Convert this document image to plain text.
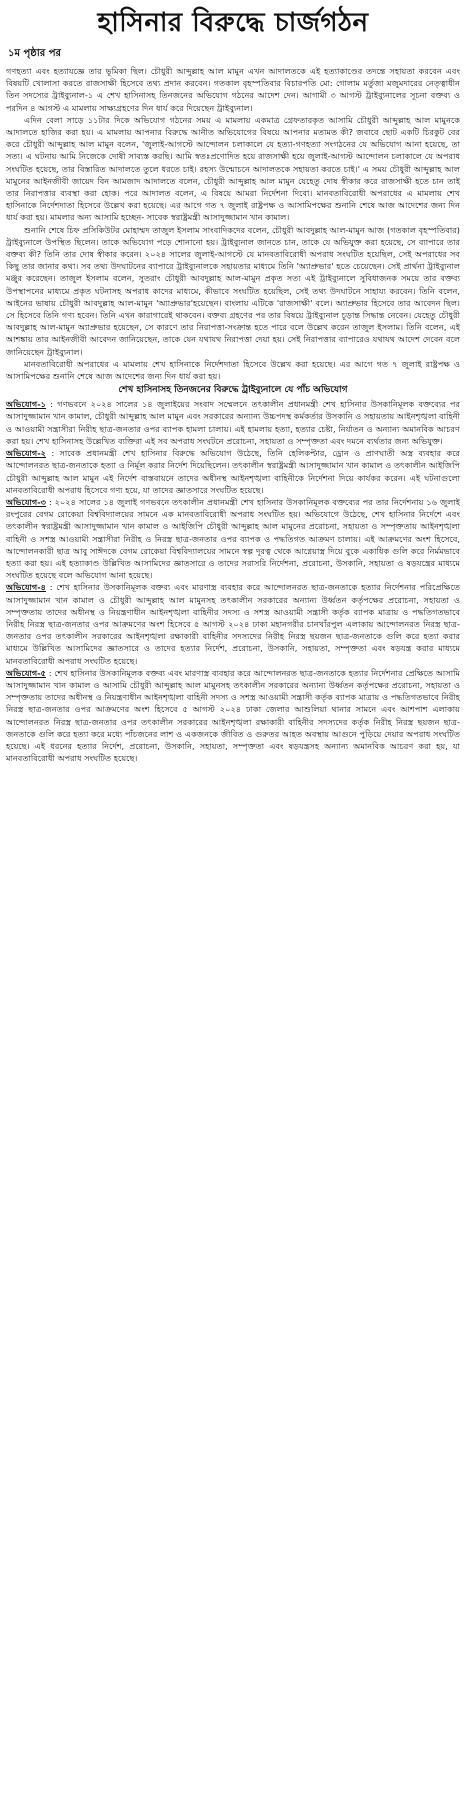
হাসিনার বিরুদ্ধে চার্জগঠন
১ম পৃষ্ঠার পর

গণহত্যা এবং হত্যাযজ্ঞে তার ভূমিকা ছিল। চৌধুরী আব্দুল্লাহ আল মামুন এখন আদালতকে এই হত্যাকাণ্ডের তদন্তে সহায়তা করবেন এবং বিষয়টি খোলাসা করতে রাজসাক্ষী হিসেবে তথ্য প্রদান করবেন। গতকাল বৃহস্পতিবার বিচারপতি মো: গোলাম মর্তুজা মজুমদারের নেতৃত্বাধীন তিন সদস্যের ট্রাইব্যুনাল-১ এ শেখ হাসিনাসহ তিনজনের অভিযোগ গঠনের আদেশ দেন। আগামী ৩ আগস্ট ট্রাইব্যুনালের সূচনা বক্তব্য ও পরদিন ৪ আগস্ট এ মামলায় সাক্ষ্যগ্রহণের দিন ধার্য করে দিয়েছেন ট্রাইব্যুনাল।

এদিন বেলা সাড়ে ১১টার দিকে অভিযোগ গঠনের সময় এ মামলায় একমাত্র গ্রেফতারকৃত আসামি চৌধুরী আব্দুল্লাহ আল মামুনকে আদালতে হাজির করা হয়। এ মামলায় আপনার বিরুদ্ধে আনীত অভিযোগের বিষয়ে আপনার মতামত কী? জবাবে ছোট একটি চিরকুট বের করে চৌধুরী আব্দুল্লাহ আল মামুন বলেন, 'জুলাই-আগস্টে আন্দোলন চলাকালে যে হত্যা-গণহত্যা সংগঠনের যে অভিযোগ আনা হয়েছে, তা সত্য। এ ঘটনায় আমি নিজেকে দোষী সাব্যস্ত করছি। আমি স্বতঃপ্রণোদিত হয়ে রাজসাক্ষী হয়ে জুলাই-আগস্ট আন্দোলন চলাকালে যে অপরাধ সংঘটিত হয়েছে, তার বিস্তারিত আদালতে তুলে ধরতে চাই। রহস্য উন্মোচনে আদালতকে সহায়তা করতে চাই।' এ সময় চৌধুরী আব্দুল্লাহ আল মামুনের আইনজীবী জায়েদ বিন আমজাদ আদালতে বলেন, চৌধুরী আব্দুল্লাহ আল মামুন যেহেতু দোষ স্বীকার করে রাজসাক্ষী হতে চান তাই তার নিরাপত্তার ব্যবস্থা করা হোক। পরে আদালত বলেন, এ বিষয়ে আমরা নির্দেশনা দিবো। মানবতাবিরোধী অপরাধের এ মামলায় শেখ হাসিনাকে নির্দেশদাতা হিসেবে উল্লেখ করা হয়েছে। এর আগে গত ৭ জুলাই রাষ্ট্রপক্ষ ও আসামিপক্ষের শুনানি শেষে আজ আদেশের জন্য দিন ধার্য করা হয়। মামলার অন্য আসামি হচ্ছেন- সাবেক স্বরাষ্ট্রমন্ত্রী আসাদুজ্জামান খান কামাল।

শুনানি শেষে চিফ প্রসিকিউটর মোহাম্মদ তাজুল ইসলাম সাংবাদিকদের বলেন, চৌধুরী আবদুল্লাহ আল-মামুন আজ (গতকাল বৃহস্পতিবার) ট্রাইব্যুনালে উপস্থিত ছিলেন। তাকে অভিযোগ পড়ে শোনানো হয়। ট্রাইব্যুনাল জানতে চান, তাকে যে অভিযুক্ত করা হয়েছে, সে ব্যাপারে তার বক্তব্য কী? তিনি তার দোষ স্বীকার করেন। ২০২৪ সালের জুলাই-আগস্টে যে মানবতাবিরোধী অপরাধ সংঘটিত হয়েছিল, সেই অপরাধের সব কিছু তার জানার কথা। সব তথ্য উদঘাটনের ব্যাপারে ট্রাইব্যুনালকে সহায়তার মাধ্যমে তিনি 'অ্যাপ্রুভার' হতে চেয়েছেন। সেই প্রার্থনা ট্রাইব্যুনাল মঞ্জুর করেছেন। তাজুল ইসলাম বলেন, সুতরাং চৌধুরী আবদুল্লাহ আল-মামুন প্রকৃত সত্য এই ট্রাইব্যুনালে সুবিধাজনক সময়ে তার বক্তব্য উপস্থাপনের মাধ্যমে প্রকৃত ঘটনাসহ অপরাধ কাদের মাধ্যমে, কীভাবে সংঘটিত হয়েছিল, সেই তথ্য উদঘাটনে সাহায্য করবেন। তিনি বলেন, আইনের ভাষায় চৌধুরী আবদুল্লাহ আল-মামুন 'অ্যাপ্রুভার'হয়েছেন। বাংলায় এটিকে 'রাজসাক্ষী' বলে। অ্যাপ্রুভার হিসেবে তার আবেদন ছিল। সে হিসেবে তিনি গণ্য হবেন। তিনি এখন কারাগারেই থাকবেন। বক্তব্য গ্রহণের পর তার বিষয়ে ট্রাইব্যুনাল চূড়ান্ত সিদ্ধান্ত নেবেন। যেহেতু চৌধুরী আবদুল্লাহ আল-মামুন অ্যাপ্রুভার হয়েছেন, সে কারণে তার নিরাপত্তা-সংক্রান্ত হতে পারে বলে উল্লেখ করেন তাজুল ইসলাম। তিনি বলেন, এই আশঙ্কায় তার আইনজীবী আবেদন জানিয়েছেন, তাকে যেন যথাযথ নিরাপত্তা দেয়া হয়। সেই নিরাপত্তার ব্যাপারেও যথাযথ আদেশ দেবেন বলে জানিয়েছেন ট্রাইব্যুনাল।

মানবতাবিরোধী অপরাধের এ মামলায় শেখ হাসিনাকে নির্দেশদাতা হিসেবে উল্লেখ করা হয়েছে। এর আগে গত ৭ জুলাই রাষ্ট্রপক্ষ ও আসামিপক্ষের শুনানি শেষে আজ আদেশের জন্য দিন ধার্য করা হয়।

শেখ হাসিনাসহ তিনজনের বিরুদ্ধে ট্রাইব্যুনালে যে পাঁচ অভিযোগ

অভিযোগ-১ : গণভবনে ২০২৪ সালের ১৪ জুলাইয়ের সংবাদ সম্মেলনে তৎকালীন প্রধানমন্ত্রী শেখ হাসিনার উসকানিমূলক বক্তব্যের পর আসাদুজ্জামান খান কামাল, চৌধুরী আব্দুল্লাহ আল মামুন এবং সরকারের অন্যান্য উচ্চপদস্থ কর্মকর্তার উসকানি ও সহায়তায় আইনশৃঙ্খলা বাহিনী ও আওয়ামী সন্ত্রাসীরা নিরীহ ছাত্র-জনতার ওপর ব্যাপক হামলা চালায়। এই হামলায় হত্যা, হত্যার চেষ্টা, নির্যাতন ও অন্যান্য অমানবিক আচরণ করা হয়। শেখ হাসিনাসহ উল্লেখিত ব্যক্তিরা এই সব অপরাধ সংঘটনে প্ররোচনা, সহায়তা ও সম্পৃক্ততা এবং দমনে ব্যর্থতার জন্য অভিযুক্ত।

অভিযোগ-২ : সাবেক প্রধানমন্ত্রী শেখ হাসিনার বিরুদ্ধে অভিযোগ উঠেছে, তিনি হেলিকপ্টার, ড্রোন ও প্রাণঘাতী অস্ত্র ব্যবহার করে আন্দোলনরত ছাত্র-জনতাকে হত্যা ও নির্মূল করার নির্দেশ দিয়েছিলেন। তৎকালীন স্বরাষ্ট্রমন্ত্রী আসাদুজ্জামান খান কামাল ও তৎকালীন আইজিপি চৌধুরী আব্দুল্লাহ আল মামুন এই নির্দেশ বাস্তবায়নে তাদের অধীনস্থ আইনশৃঙ্খলা বাহিনীকে নির্দেশনা দিয়ে কার্যকর করেন। এই ঘটনাগুলো মানবতাবিরোধী অপরাধ হিসেবে গণ্য হয়ে, যা তাদের জ্ঞাতসারে সংঘটিত হয়েছে।

অভিযোগ-৩ : ২০২৪ সালের ১৪ জুলাই গণভবনে তৎকালীন প্রধানমন্ত্রী শেখ হাসিনার উসকানিমূলক বক্তব্যের পর তার নির্দেশনায় ১৬ জুলাই রংপুরের বেগম রোকেয়া বিশ্ববিদ্যালয়ের সামনে এক মানবতাবিরোধী অপরাধ সংঘটিত হয়। অভিযোগে উঠেছে, শেখ হাসিনার নির্দেশে এবং তৎকালীন স্বরাষ্ট্রমন্ত্রী আসাদুজ্জামান খান কামাল ও আইজিপি চৌধুরী আব্দুল্লাহ আল মামুনের প্ররোচনা, সহায়তা ও সম্পৃক্ততায় আইনশৃঙ্খলা বাহিনী ও সশস্ত্র আওয়ামী সন্ত্রাসীরা নিরীহ ও নিরস্ত্র ছাত্র-জনতার ওপর ব্যাপক ও পদ্ধতিগত আক্রমণ চালায়। এই আক্রমণের অংশ হিসেবে, আন্দোলনকারী ছাত্র আবু সাঈদকে বেগম রোকেয়া বিশ্ববিদ্যালয়ের সামনে স্বল্প দূরত্ব থেকে আগ্নেয়াস্ত্র দিয়ে বুকে একাধিক গুলি করে নির্মমভাবে হত্যা করা হয়। এই হত্যাকাণ্ড উল্লিখিত আসামিদের জ্ঞাতসারে ও তাদের সরাসরি নির্দেশনা, প্ররোচনা, উসকানি, সহায়তা ও ষড়যন্ত্রের মাধ্যমে সংঘটিত হয়েছে বলে অভিযোগ আনা হয়েছে।

অভিযোগ-৪ : শেখ হাসিনার উসকানিমূলক বক্তব্য এবং মারণাস্ত্র ব্যবহার করে আন্দোলনরত ছাত্র-জনতাকে হত্যার নির্দেশনার পরিপ্রেক্ষিতে আসাদুজ্জামান খান কামাল ও চৌধুরী আব্দুল্লাহ আল মামুনসহ তৎকালীন সরকারের অন্যান্য উর্ধ্বতন কর্তৃপক্ষের প্ররোচনা, সহায়তা ও সম্পৃক্ততায় তাদের অধীনস্থ ও নিয়ন্ত্রণাধীন আইনশৃঙ্খলা বাহিনীর সদস্য ও সশস্ত্র আওয়ামী সন্ত্রাসী কর্তৃক ব্যাপক মাত্রায় ও পদ্ধতিগতভাবে নিরীহ নিরস্ত্র ছাত্র-জনতার ওপর আক্রমণের অংশ হিসেবে ৫ আগস্ট ২০২৪ ঢাকা মহানগরীর চানখাঁরপুল এলাকায় আন্দোলনরত নিরস্ত্র ছাত্র-জনতার ওপর তৎকালীন সরকারের আইনশৃঙ্খলা রক্ষাকারী বাহিনীর সদস্যদের নিরীহ নিরস্ত্র ছয়জন ছাত্র-জনতাকে গুলি করে হত্যা করার মাধ্যমে উল্লিখিত আসামিদের জ্ঞাতসারে ও তাদের হত্যার নির্দেশ, প্ররোচনা, উসকানি, সহায়তা, সম্পৃক্ততা এবং ষড়যন্ত্র করার মাধ্যমে মানবতাবিরোধী অপরাধ সংঘটিত হয়েছে।

অভিযোগ-৫ : শেখ হাসিনার উসকানিমূলক বক্তব্য এবং মারণাস্ত্র ব্যবহার করে আন্দোলনরত ছাত্র-জনতাকে হত্যার নির্দেশনার প্রেক্ষিতে আসামি আসাদুজ্জামান খান কামাল ও আসামি চৌধুরী আব্দুল্লাহ আল মামুনসহ তৎকালীন সরকারের অন্যান্য উর্ধ্বতন কর্তৃপক্ষের প্ররোচনা, সহায়তা ও সম্পৃক্ততায় তাদের অধীনস্থ ও নিয়ন্ত্রণাধীন আইনশৃঙ্খলা বাহিনী সদস্য ও সশস্ত্র আওয়ামী সন্ত্রাসী কর্তৃক ব্যাপক মাত্রায় ও পদ্ধতিগতভাবে নিরীহ নিরস্ত্র ছাত্র-জনতার ওপর আক্রমণের অংশ হিসেবে ৫ আগস্ট ২০২৪ ঢাকা জেলার আশুলিয়া থানার সামনে এবং আশপাশ এলাকায় আন্দোলনরত নিরস্ত্র ছাত্র-জনতার ওপর তৎকালীন সরকারের আইনশৃঙ্খলা রক্ষাকারী বাহিনীর সদস্যদের কর্তৃক নিরীহ নিরস্ত্র ছয়জন ছাত্র-জনতাকে গুলি করে হত্যা করে মধ্যে পাঁচজনের লাশ ও একজনকে জীবিত ও গুরুতর আহত অবস্থায় আগুনে পুড়িয়ে দেয়ার অপরাধ সংঘটিত হয়েছে। এই ধরনের হত্যার নির্দেশ, প্ররোচনা, উসকানি, সহায়তা, সম্পৃক্ততা এবং ষড়যন্ত্রসহ অন্যান্য অমানবিক আচরণ করা হয়, যা মানবতাবিরোধী অপরাধ সংঘটিত হয়েছে।
